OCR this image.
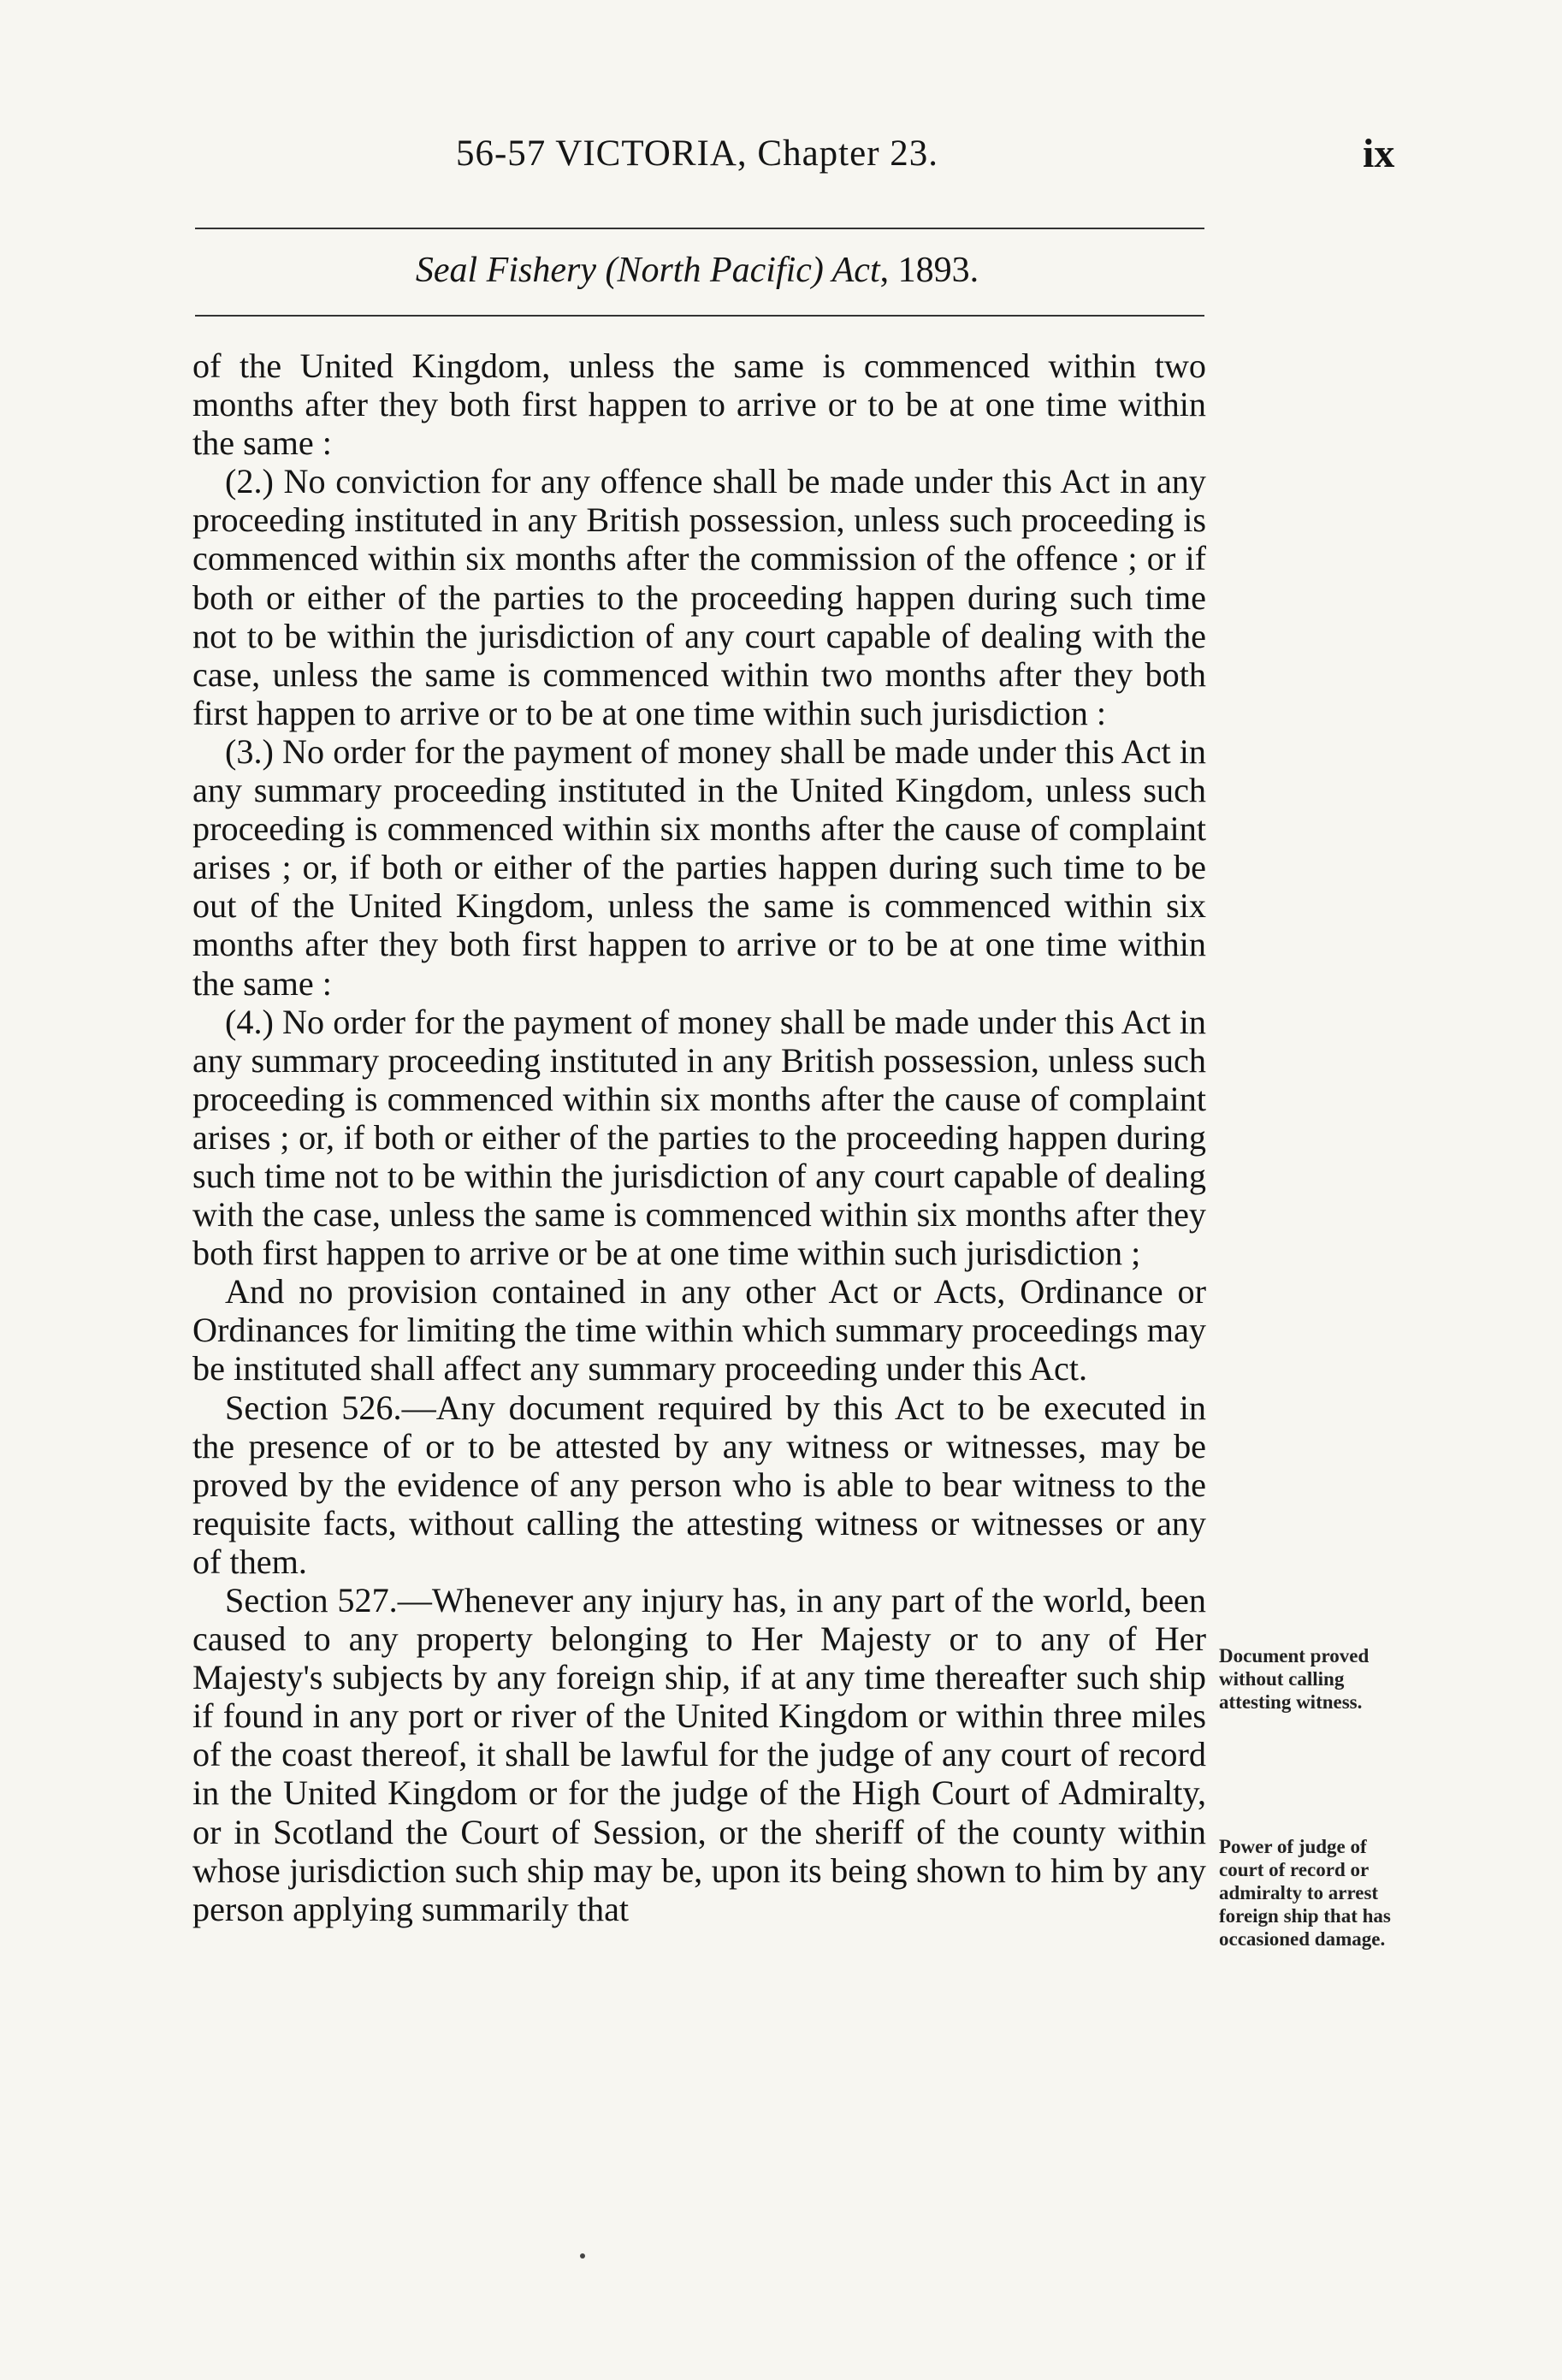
56-57 VICTORIA, Chapter 23.	ix
Seal Fishery (North Pacific) Act, 1893.

of the United Kingdom, unless the same is commenced within two months after they both first happen to arrive or to be at one time within the same :

(2.) No conviction for any offence shall be made under this Act in any proceeding instituted in any British possession, unless such proceeding is commenced within six months after the commission of the offence ; or if both or either of the parties to the proceeding happen during such time not to be within the jurisdiction of any court capable of dealing with the case, unless the same is commenced within two months after they both first happen to arrive or to be at one time within such jurisdiction :

(3.) No order for the payment of money shall be made under this Act in any summary proceeding instituted in the United Kingdom, unless such proceeding is commenced within six months after the cause of complaint arises ; or, if both or either of the parties happen during such time to be out of the United Kingdom, unless the same is commenced within six months after they both first happen to arrive or to be at one time within the same :

(4.) No order for the payment of money shall be made under this Act in any summary proceeding instituted in any British possession, unless such proceeding is commenced within six months after the cause of complaint arises ; or, if both or either of the parties to the proceeding happen during such time not to be within the jurisdiction of any court capable of dealing with the case, unless the same is commenced within six months after they both first happen to arrive or be at one time within such jurisdiction ;

And no provision contained in any other Act or Acts, Ordinance or Ordinances for limiting the time within which summary proceedings may be instituted shall affect any summary proceeding under this Act.

Section 526.—Any document required by this Act to be executed in the presence of or to be attested by any witness or witnesses, may be proved by the evidence of any person who is able to bear witness to the requisite facts, without calling the attesting witness or witnesses or any of them.

Section 527.—Whenever any injury has, in any part of the world, been caused to any property belonging to Her Majesty or to any of Her Majesty's subjects by any foreign ship, if at any time thereafter such ship if found in any port or river of the United Kingdom or within three miles of the coast thereof, it shall be lawful for the judge of any court of record in the United Kingdom or for the judge of the High Court of Admiralty, or in Scotland the Court of Session, or the sheriff of the county within whose jurisdiction such ship may be, upon its being shown to him by any person applying summarily that

Document proved without calling attesting witness.
Power of judge of court of record or admiralty to arrest foreign ship that has occasioned damage.
